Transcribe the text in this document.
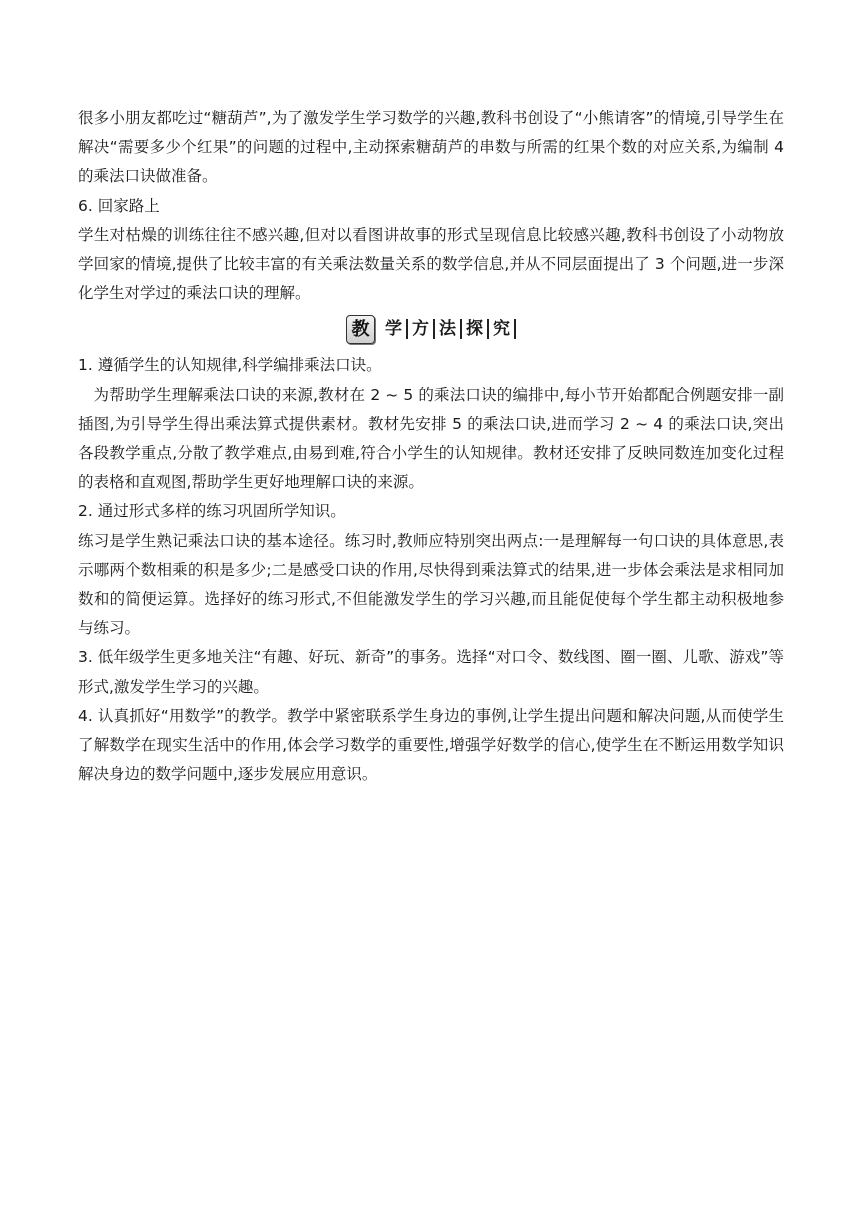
很多小朋友都吃过“糖葫芦”,为了激发学生学习数学的兴趣,教科书创设了“小熊请客”的情境,引导学生在解决“需要多少个红果”的问题的过程中,主动探索糖葫芦的串数与所需的红果个数的对应关系,为编制 4 的乘法口诀做准备。

6. 回家路上

学生对枯燥的训练往往不感兴趣,但对以看图讲故事的形式呈现信息比较感兴趣,教科书创设了小动物放学回家的情境,提供了比较丰富的有关乘法数量关系的数学信息,并从不同层面提出了 3 个问题,进一步深化学生对学过的乘法口诀的理解。

教 学 方 法 探 究

1. 遵循学生的认知规律,科学编排乘法口诀。

为帮助学生理解乘法口诀的来源,教材在 2 ~ 5 的乘法口诀的编排中,每小节开始都配合例题安排一副插图,为引导学生得出乘法算式提供素材。教材先安排 5 的乘法口诀,进而学习 2 ~ 4 的乘法口诀,突出各段教学重点,分散了教学难点,由易到难,符合小学生的认知规律。教材还安排了反映同数连加变化过程的表格和直观图,帮助学生更好地理解口诀的来源。

2. 通过形式多样的练习巩固所学知识。

练习是学生熟记乘法口诀的基本途径。练习时,教师应特别突出两点:一是理解每一句口诀的具体意思,表示哪两个数相乘的积是多少;二是感受口诀的作用,尽快得到乘法算式的结果,进一步体会乘法是求相同加数和的简便运算。选择好的练习形式,不但能激发学生的学习兴趣,而且能促使每个学生都主动积极地参与练习。

3. 低年级学生更多地关注“有趣、好玩、新奇”的事务。选择“对口令、数线图、圈一圈、儿歌、游戏”等形式,激发学生学习的兴趣。

4. 认真抓好“用数学”的教学。教学中紧密联系学生身边的事例,让学生提出问题和解决问题,从而使学生了解数学在现实生活中的作用,体会学习数学的重要性,增强学好数学的信心,使学生在不断运用数学知识解决身边的数学问题中,逐步发展应用意识。
